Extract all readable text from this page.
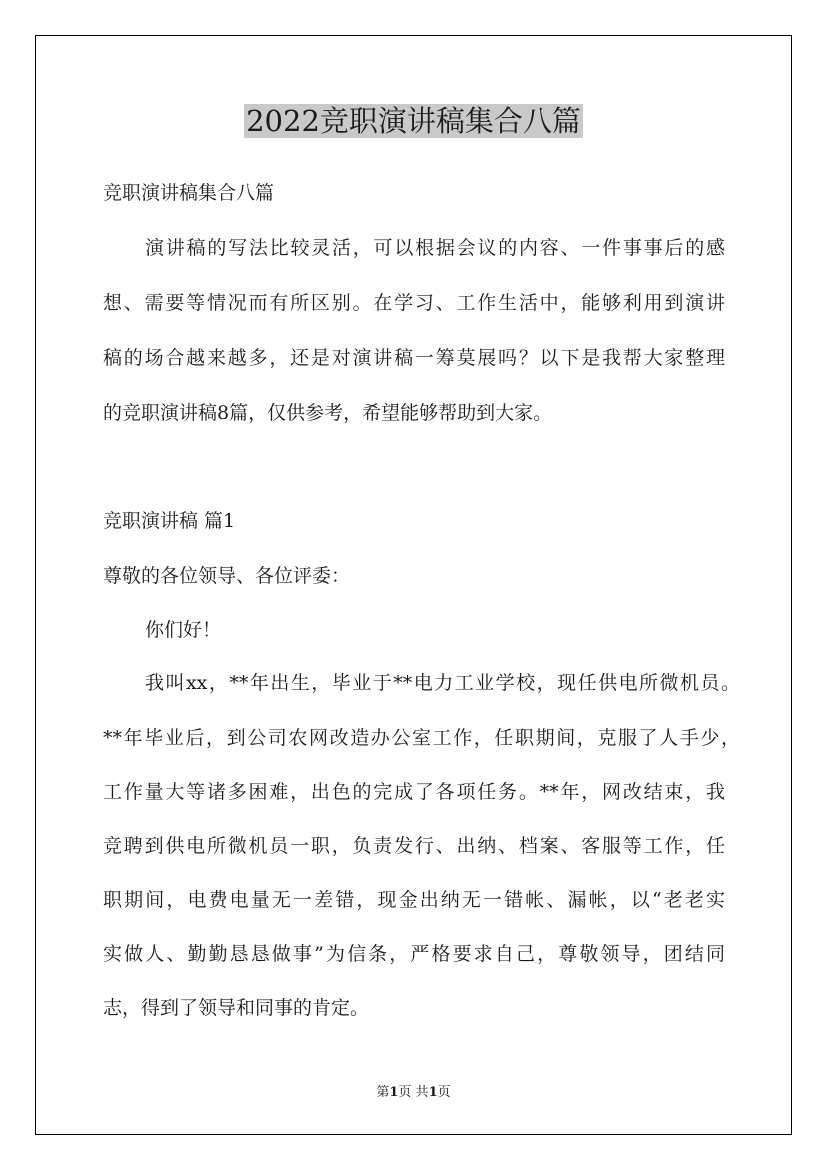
2022竞职演讲稿集合八篇

竞职演讲稿集合八篇

演讲稿的写法比较灵活，可以根据会议的内容、一件事事后的感

想、需要等情况而有所区别。在学习、工作生活中，能够利用到演讲

稿的场合越来越多，还是对演讲稿一筹莫展吗？以下是我帮大家整理

的竞职演讲稿8篇，仅供参考，希望能够帮助到大家。

竞职演讲稿 篇1

尊敬的各位领导、各位评委：

你们好！

我叫xx，**年出生，毕业于**电力工业学校，现任供电所微机员。

**年毕业后，到公司农网改造办公室工作，任职期间，克服了人手少，

工作量大等诸多困难，出色的完成了各项任务。**年，网改结束，我

竞聘到供电所微机员一职，负责发行、出纳、档案、客服等工作，任

职期间，电费电量无一差错，现金出纳无一错帐、漏帐，以“老老实

实做人、勤勤恳恳做事”为信条，严格要求自己，尊敬领导，团结同

志，得到了领导和同事的肯定。

第1页 共1页
